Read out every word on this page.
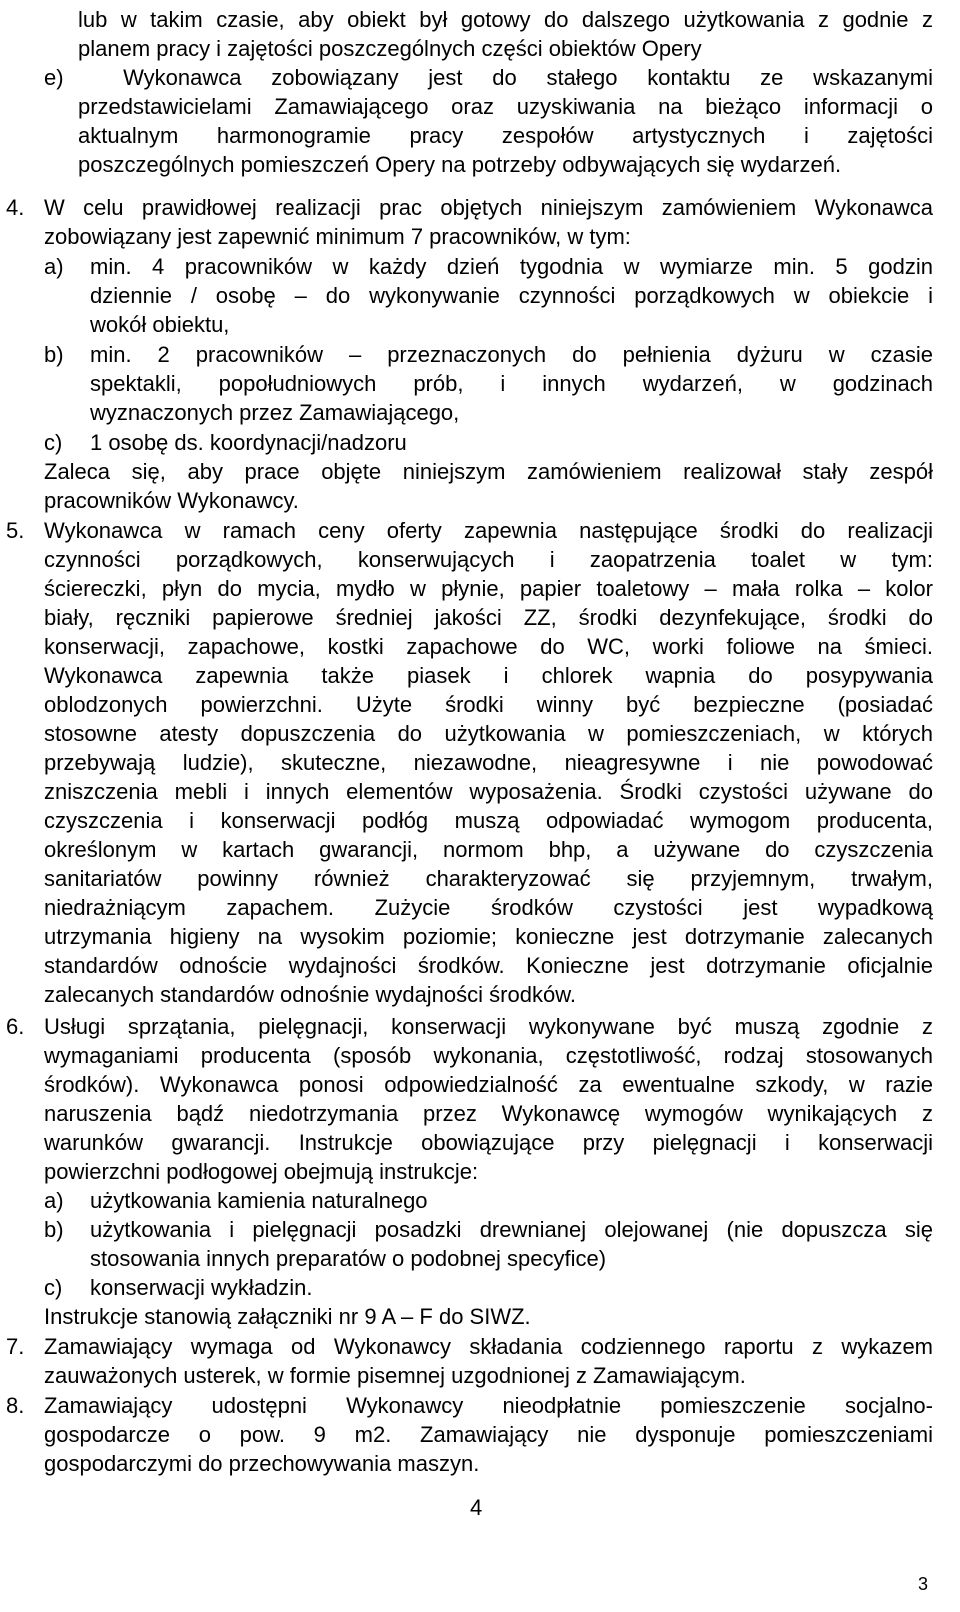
lub w takim czasie, aby obiekt był gotowy do dalszego użytkowania z godnie z

planem pracy i zajętości poszczególnych części obiektów Opery

e)  Wykonawca zobowiązany jest do stałego kontaktu ze wskazanymi

przedstawicielami Zamawiającego oraz uzyskiwania na bieżąco informacji o

aktualnym harmonogramie pracy zespołów artystycznych i zajętości

poszczególnych pomieszczeń Opery na potrzeby odbywających się wydarzeń.

4. W celu prawidłowej realizacji prac objętych niniejszym zamówieniem Wykonawca

zobowiązany jest zapewnić minimum 7 pracowników, w tym:

a) min. 4 pracowników w każdy dzień tygodnia w wymiarze min. 5 godzin

dziennie / osobę – do wykonywanie czynności porządkowych w obiekcie i

wokół obiektu,

b) min. 2 pracowników – przeznaczonych do pełnienia dyżuru w czasie

spektakli, popołudniowych prób, i innych wydarzeń, w godzinach

wyznaczonych przez Zamawiającego,

c) 1 osobę ds. koordynacji/nadzoru

Zaleca się, aby prace objęte niniejszym zamówieniem realizował stały zespół

pracowników Wykonawcy.

5. Wykonawca w ramach ceny oferty zapewnia następujące środki do realizacji

czynności porządkowych, konserwujących i zaopatrzenia toalet w tym:

ściereczki, płyn do mycia, mydło w płynie, papier toaletowy – mała rolka – kolor

biały, ręczniki papierowe średniej jakości ZZ, środki dezynfekujące, środki do

konserwacji, zapachowe, kostki zapachowe do WC, worki foliowe na śmieci.

Wykonawca zapewnia także piasek i chlorek wapnia do posypywania

oblodzonych powierzchni. Użyte środki winny być bezpieczne (posiadać

stosowne atesty dopuszczenia do użytkowania w pomieszczeniach, w których

przebywają ludzie), skuteczne, niezawodne, nieagresywne i nie powodować

zniszczenia mebli i innych elementów wyposażenia. Środki czystości używane do

czyszczenia i konserwacji podłóg muszą odpowiadać wymogom producenta,

określonym w kartach gwarancji, normom bhp, a używane do czyszczenia

sanitariatów powinny również charakteryzować się przyjemnym, trwałym,

niedrażniącym zapachem. Zużycie środków czystości jest wypadkową

utrzymania higieny na wysokim poziomie; konieczne jest dotrzymanie zalecanych

standardów odnoście wydajności środków. Konieczne jest dotrzymanie oficjalnie

zalecanych standardów odnośnie wydajności środków.

6. Usługi sprzątania, pielęgnacji, konserwacji wykonywane być muszą zgodnie z

wymaganiami producenta (sposób wykonania, częstotliwość, rodzaj stosowanych

środków). Wykonawca ponosi odpowiedzialność za ewentualne szkody, w razie

naruszenia bądź niedotrzymania przez Wykonawcę wymogów wynikających z

warunków gwarancji. Instrukcje obowiązujące przy pielęgnacji i konserwacji

powierzchni podłogowej obejmują instrukcje:

a) użytkowania kamienia naturalnego

b) użytkowania i pielęgnacji posadzki drewnianej olejowanej (nie dopuszcza się

stosowania innych preparatów o podobnej specyfice)

c) konserwacji wykładzin.

Instrukcje stanowią załączniki nr 9 A – F do SIWZ.

7. Zamawiający wymaga od Wykonawcy składania codziennego raportu z wykazem

zauważonych usterek, w formie pisemnej uzgodnionej z Zamawiającym.

8. Zamawiający udostępni Wykonawcy nieodpłatnie pomieszczenie socjalno-

gospodarcze o pow. 9 m2. Zamawiający nie dysponuje pomieszczeniami

gospodarczymi do przechowywania maszyn.

4
3
